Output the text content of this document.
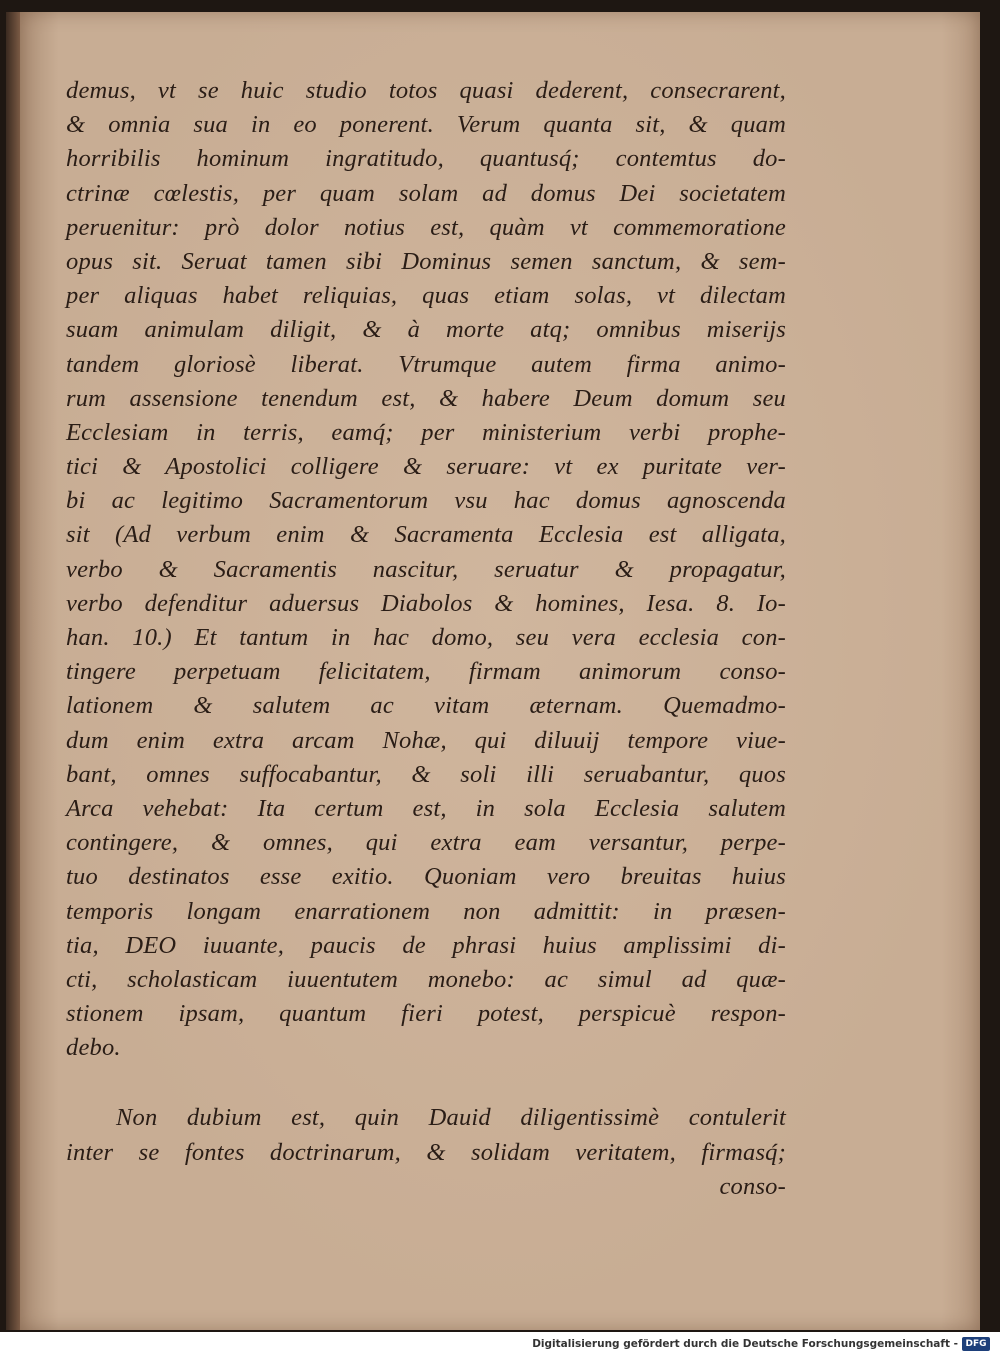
demus, vt se huic studio totos quasi dederent, consecrarent,
& omnia sua in eo ponerent. Verum quanta sit, & quam
horribilis hominum ingratitudo, quantusq́; contemtus do-
ctrinæ cœlestis, per quam solam ad domus Dei societatem
peruenitur: prò dolor notius est, quàm vt commemoratione
opus sit. Seruat tamen sibi Dominus semen sanctum, & sem-
per aliquas habet reliquias, quas etiam solas, vt dilectam
suam animulam diligit, & à morte atq; omnibus miserijs
tandem gloriosè liberat. Vtrumque autem firma animo-
rum assensione tenendum est, & habere Deum domum seu
Ecclesiam in terris, eamq́; per ministerium verbi prophe-
tici & Apostolici colligere & seruare: vt ex puritate ver-
bi ac legitimo Sacramentorum vsu hac domus agnoscenda
sit (Ad verbum enim & Sacramenta Ecclesia est alligata,
verbo & Sacramentis nascitur, seruatur & propagatur,
verbo defenditur aduersus Diabolos & homines, Iesa. 8. Io-
han. 10.) Et tantum in hac domo, seu vera ecclesia con-
tingere perpetuam felicitatem, firmam animorum conso-
lationem & salutem ac vitam æternam. Quemadmo-
dum enim extra arcam Nohæ, qui diluuij tempore viue-
bant, omnes suffocabantur, & soli illi seruabantur, quos
Arca vehebat: Ita certum est, in sola Ecclesia salutem
contingere, & omnes, qui extra eam versantur, perpe-
tuo destinatos esse exitio. Quoniam vero breuitas huius
temporis longam enarrationem non admittit: in præsen-
tia, DEO iuuante, paucis de phrasi huius amplissimi di-
cti, scholasticam iuuentutem monebo: ac simul ad quæ-
stionem ipsam, quantum fieri potest, perspicuè respon-
debo.
Non dubium est, quin Dauid diligentissimè contulerit
inter se fontes doctrinarum, & solidam veritatem, firmasq́;
conso-
Digitalisierung gefördert durch die Deutsche Forschungsgemeinschaft - DFG
